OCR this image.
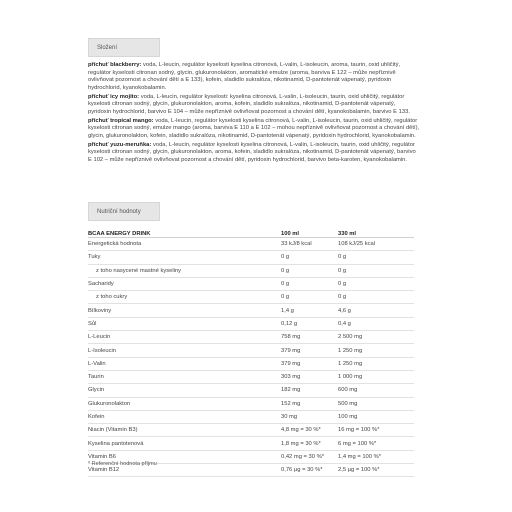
Složení

příchuť blackberry: voda, L-leucin, regulátor kyselosti kyselina citronová, L-valin, L-isoleucin, aroma, taurin, oxid uhličitý, regulátor kyselosti citronan sodný, glycin, glukuronolakton, aromatické emulze (aroma, barviva E 122 – může nepříznivě ovlivňovat pozornost a chování dětí a E 133), kofein, sladidlo sukralóza, nikotinamid, D-pantotenát vápenatý, pyridoxin hydrochlorid, kyanokobalamin.

příchuť icy mojito: voda, L-leucin, regulátor kyselosti: kyselina citronová, L-valin, L-isoleucin, taurin, oxid uhličitý, regulátor kyselosti citronan sodný, glycin, glukuronolakton, aroma, kofein, sladidlo sukralóza, nikotinamid, D-pantotenát vápenatý, pyridoxin hydrochlorid, barvivo E 104 – může nepříznivě ovlivňovat pozornost a chování dětí, kyanokobalamin, barvivo E 133.

příchuť tropical mango: voda, L-leucin, regulátor kyselosti kyselina citronová, L-valin, L-isoleucin, taurin, oxid uhličitý, regulátor kyselosti citronan sodný, emulze mango (aroma, barviva E 110 a E 102 – mohou nepříznivě ovlivňovat pozornost a chování dětí), glycin, glukuronolakton, kofein, sladidlo sukralóza, nikotinamid, D-pantotenát vápenatý, pyridoxin hydrochlorid, kyanokobalamin.

příchuť yuzu-meruňka: voda, L-leucin, regulátor kyselosti kyselina citronová, L-valin, L-isoleucin, taurin, oxid uhličitý, regulátor kyselosti citronan sodný, glycin, glukuronolakton, aroma, kofein, sladidlo sukralóza, nikotinamid, D-pantotenát vápenatý, barvivo E 102 – může nepříznivě ovlivňovat pozornost a chování dětí, pyridoxin hydrochlorid, barvivo beta-karoten, kyanokobalamin.

Nutriční hodnoty
BCAA ENERGY DRINK	100 ml	330 ml
Energetická hodnota	33 kJ/8 kcal	108 kJ/25 kcal
Tuky	0 g	0 g
z toho nasycené mastné kyseliny	0 g	0 g
Sacharidy	0 g	0 g
z toho cukry	0 g	0 g
Bílkoviny	1,4 g	4,6 g
Sůl	0,12 g	0,4 g
L-Leucin	758 mg	2 500 mg
L-Isoleucin	379 mg	1 250 mg
L-Valin	379 mg	1 250 mg
Taurin	303 mg	1 000 mg
Glycin	182 mg	600 mg
Glukuronolakton	152 mg	500 mg
Kofein	30 mg	100 mg
Niacin (Vitamin B3)	4,8 mg = 30 %*	16 mg = 100 %*
Kyselina pantotenová	1,8 mg = 30 %*	6 mg = 100 %*
Vitamin B6	0,42 mg = 30 %*	1,4 mg = 100 %*
Vitamin B12	0,76 µg = 30 %*	2,5 µg = 100 %*
* Referenční hodnota příjmu
